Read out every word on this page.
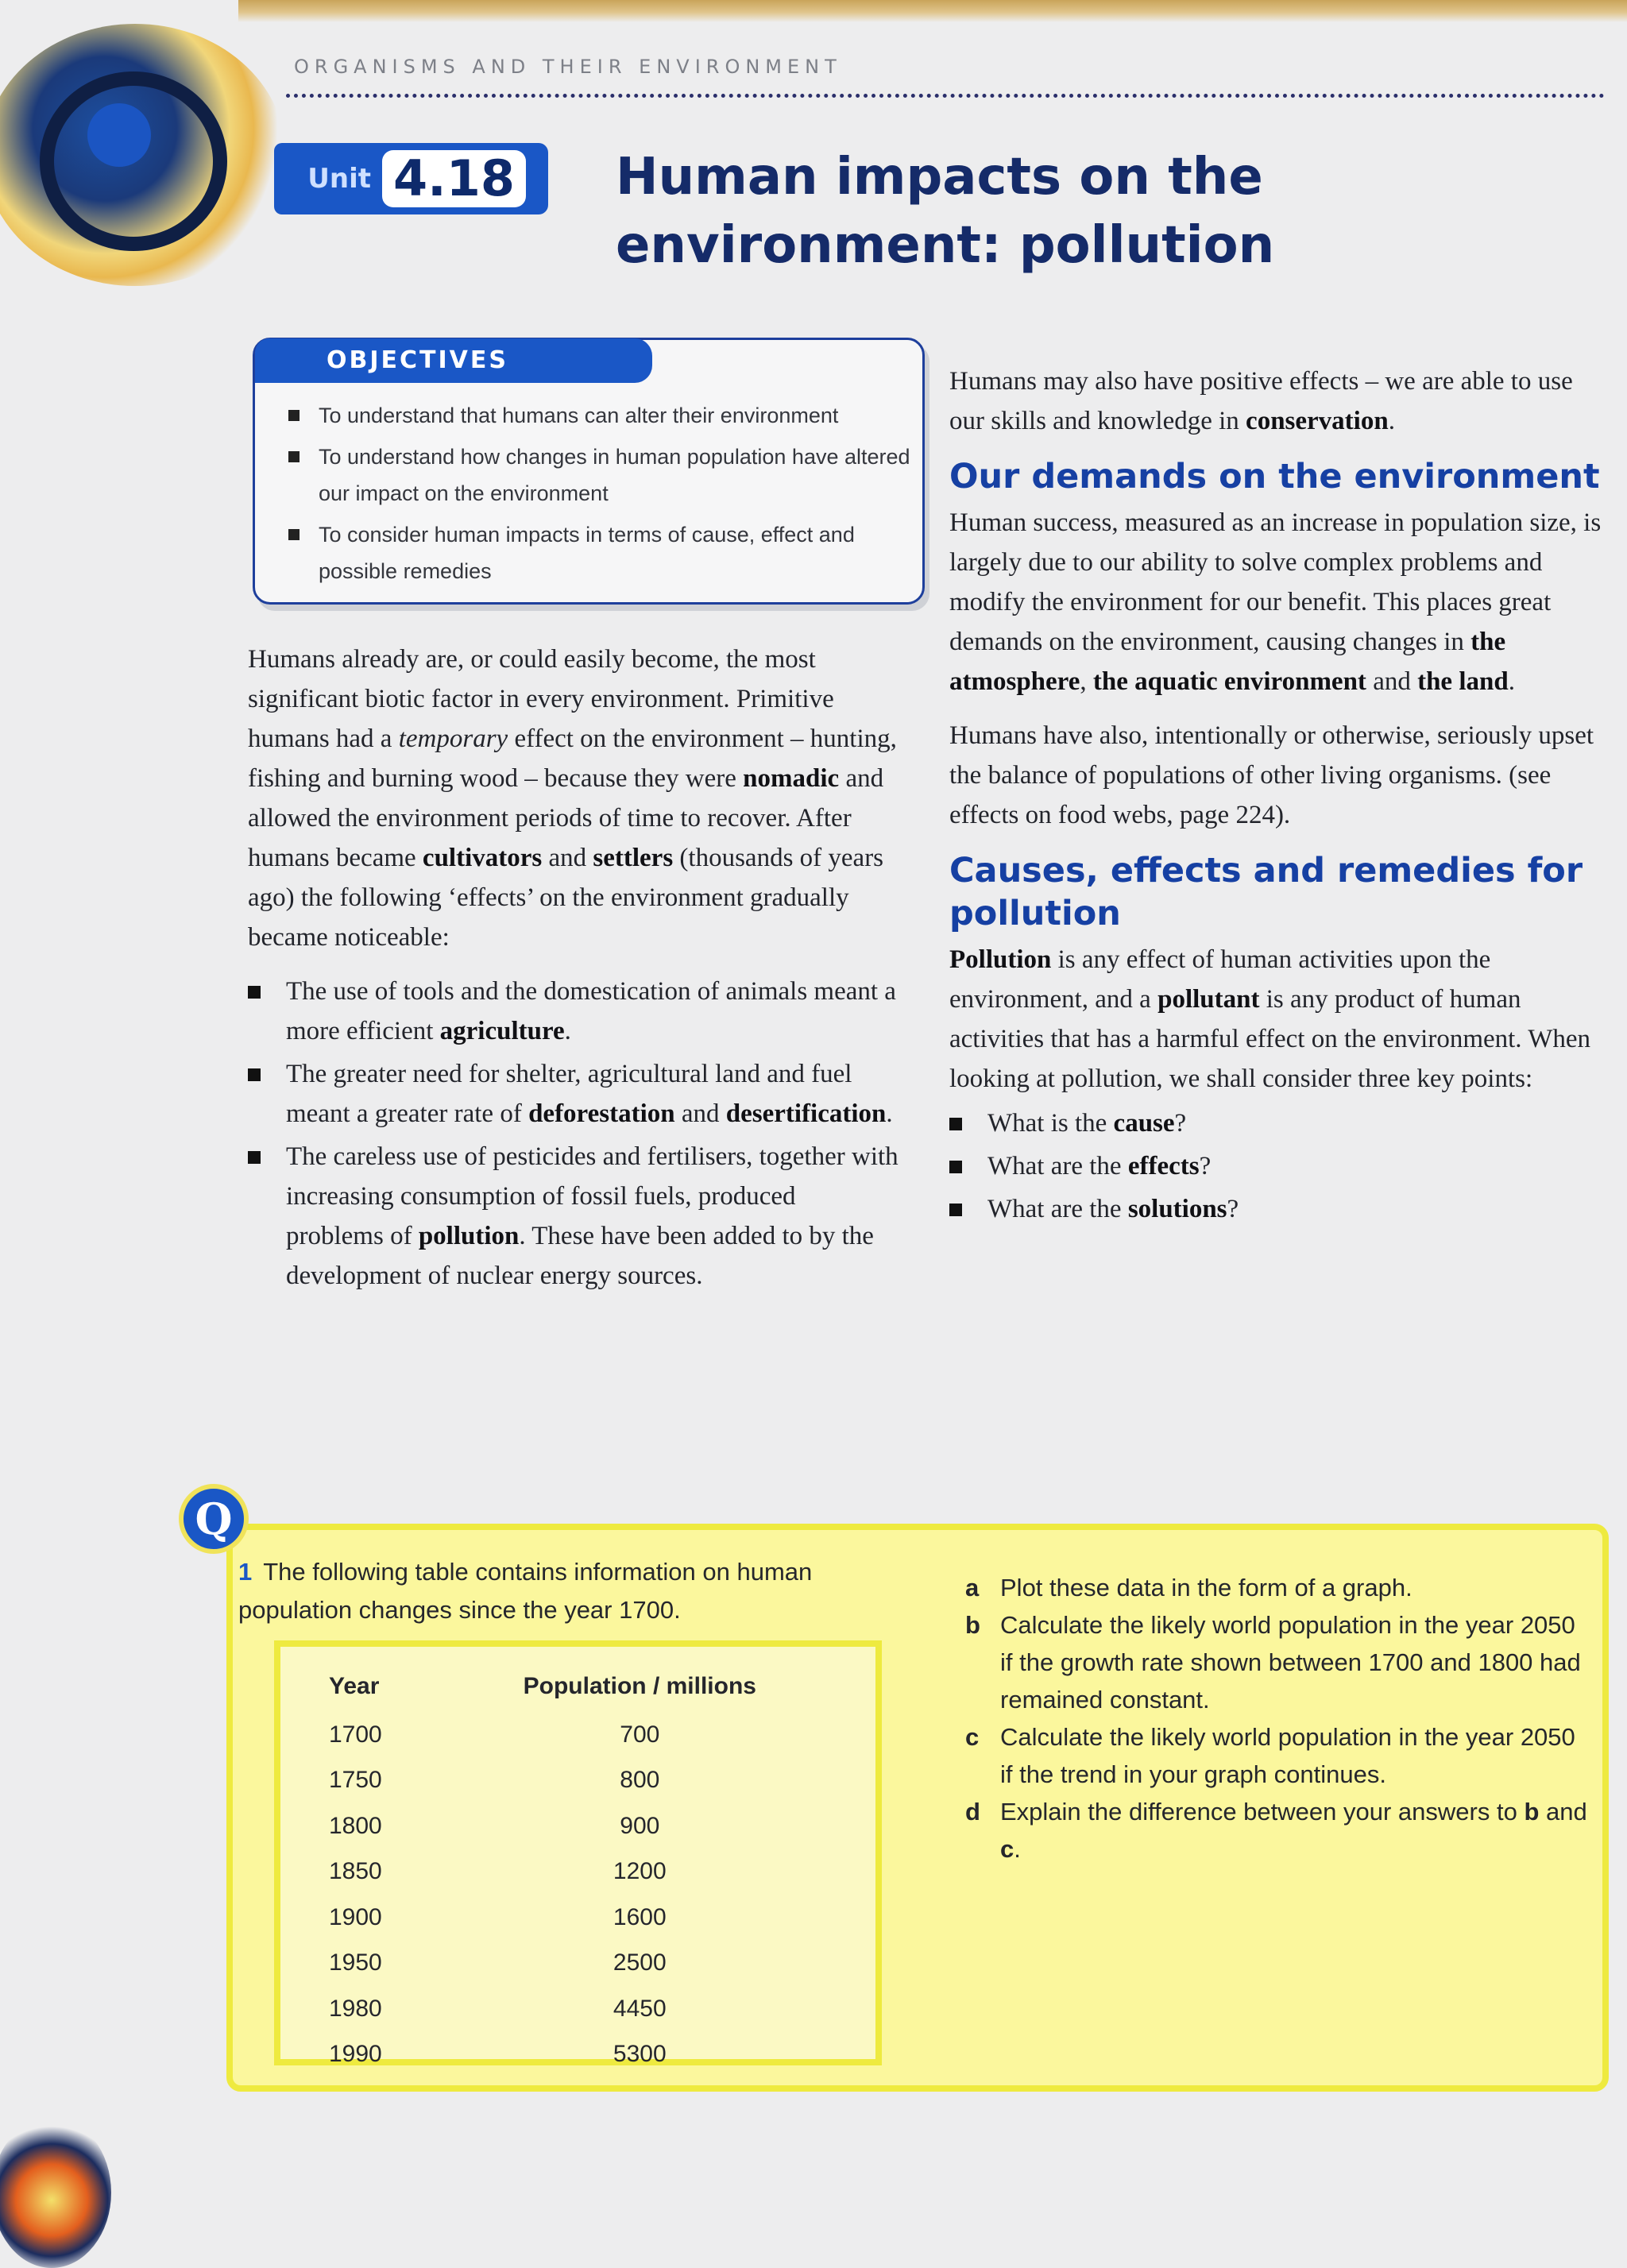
ORGANISMS AND THEIR ENVIRONMENT
Unit 4.18 Human impacts on the environment: pollution
OBJECTIVES
To understand that humans can alter their environment
To understand how changes in human population have altered our impact on the environment
To consider human impacts in terms of cause, effect and possible remedies

Humans already are, or could easily become, the most significant biotic factor in every environment. Primitive humans had a temporary effect on the environment – hunting, fishing and burning wood – because they were nomadic and allowed the environment periods of time to recover. After humans became cultivators and settlers (thousands of years ago) the following ‘effects’ on the environment gradually became noticeable:

The use of tools and the domestication of animals meant a more efficient agriculture.
The greater need for shelter, agricultural land and fuel meant a greater rate of deforestation and desertification.
The careless use of pesticides and fertilisers, together with increasing consumption of fossil fuels, produced problems of pollution. These have been added to by the development of nuclear energy sources.

Humans may also have positive effects – we are able to use our skills and knowledge in conservation.

Our demands on the environment

Human success, measured as an increase in population size, is largely due to our ability to solve complex problems and modify the environment for our benefit. This places great demands on the environment, causing changes in the atmosphere, the aquatic environment and the land.

Humans have also, intentionally or otherwise, seriously upset the balance of populations of other living organisms. (see effects on food webs, page 224).

Causes, effects and remedies for pollution

Pollution is any effect of human activities upon the environment, and a pollutant is any product of human activities that has a harmful effect on the environment. When looking at pollution, we shall consider three key points:

What is the cause?
What are the effects?
What are the solutions?
Q
1 The following table contains information on human population changes since the year 1700.
Year	Population / millions
1700	700
1750	800
1800	900
1850	1200
1900	1600
1950	2500
1980	4450
1990	5300
a Plot these data in the form of a graph.
b Calculate the likely world population in the year 2050 if the growth rate shown between 1700 and 1800 had remained constant.
c Calculate the likely world population in the year 2050 if the trend in your graph continues.
d Explain the difference between your answers to b and c.
